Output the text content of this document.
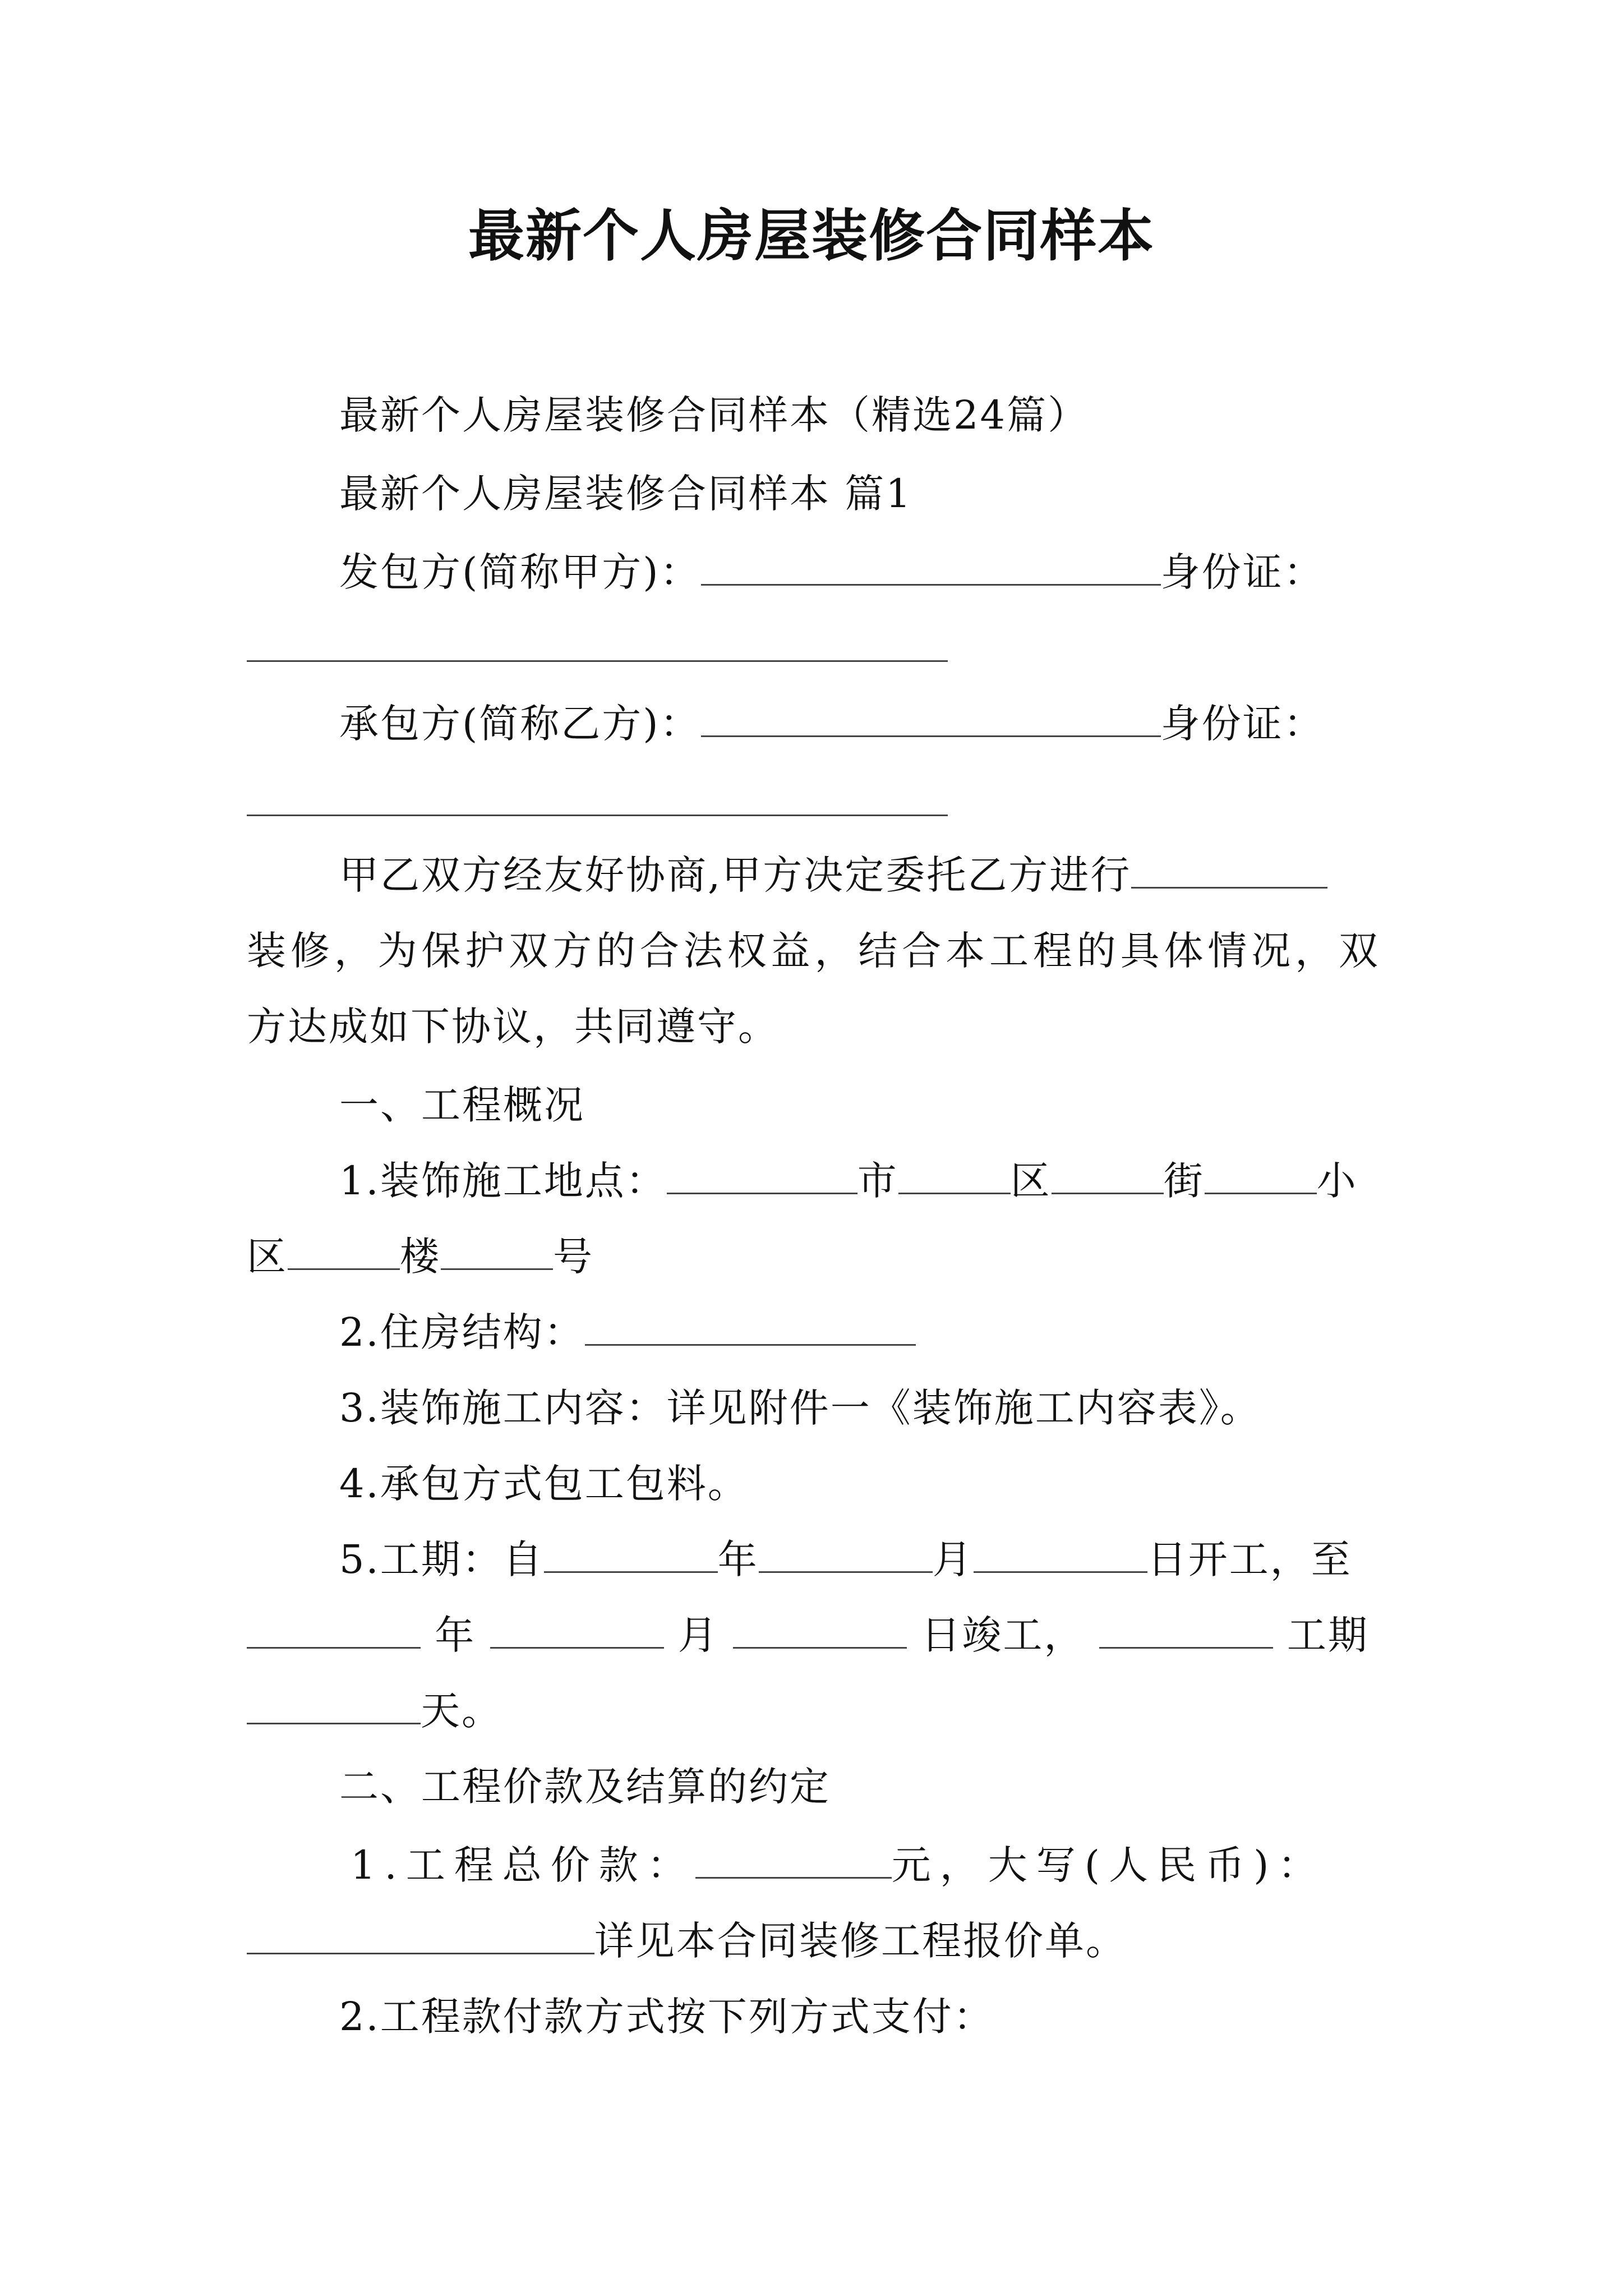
最新个人房屋装修合同样本
最新个人房屋装修合同样本（精选24篇）
最新个人房屋装修合同样本 篇1
发包方(简称甲方)：	身份证：
承包方(简称乙方)：	身份证：
甲乙双方经友好协商,甲方决定委托乙方进行
装修，为保护双方的合法权益，结合本工程的具体情况，双
方达成如下协议，共同遵守。
一、工程概况
1.装饰施工地点：	市	区	街	小
区	楼	号
2.住房结构：
3.装饰施工内容：详见附件一《装饰施工内容表》。
4.承包方式包工包料。
5.工期：自	年	月	日开工，至
年	月	日竣工，	工期
天。
二、工程价款及结算的约定
1.工程总价款：	元，大写(人民币)：
详见本合同装修工程报价单。
2.工程款付款方式按下列方式支付：
